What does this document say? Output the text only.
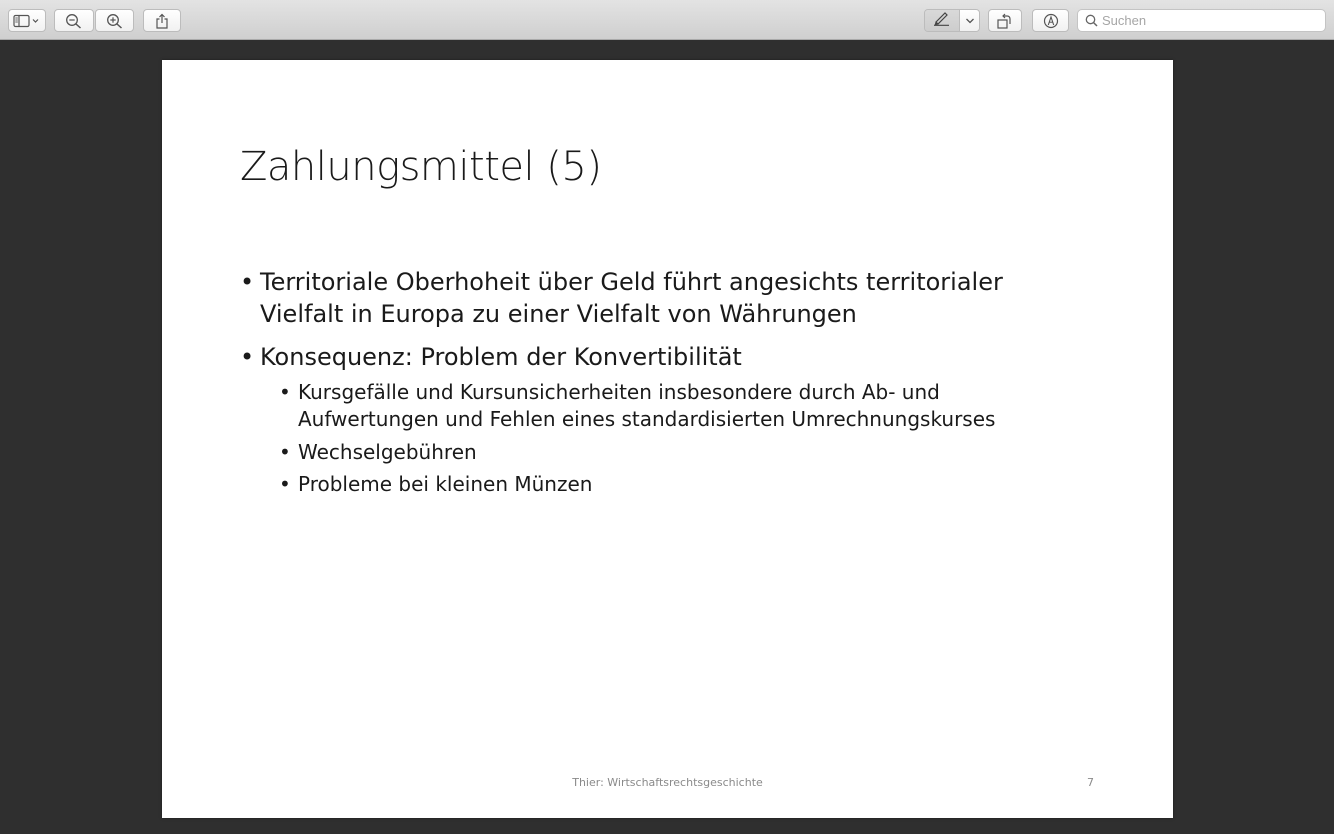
Suchen
Zahlungsmittel (5)
• Territoriale Oberhoheit über Geld führt angesichts territorialer Vielfalt in Europa zu einer Vielfalt von Währungen
• Konsequenz: Problem der Konvertibilität
• Kursgefälle und Kursunsicherheiten insbesondere durch Ab- und Aufwertungen und Fehlen eines standardisierten Umrechnungskurses
• Wechselgebühren
• Probleme bei kleinen Münzen
Thier: Wirtschaftsrechtsgeschichte	7
